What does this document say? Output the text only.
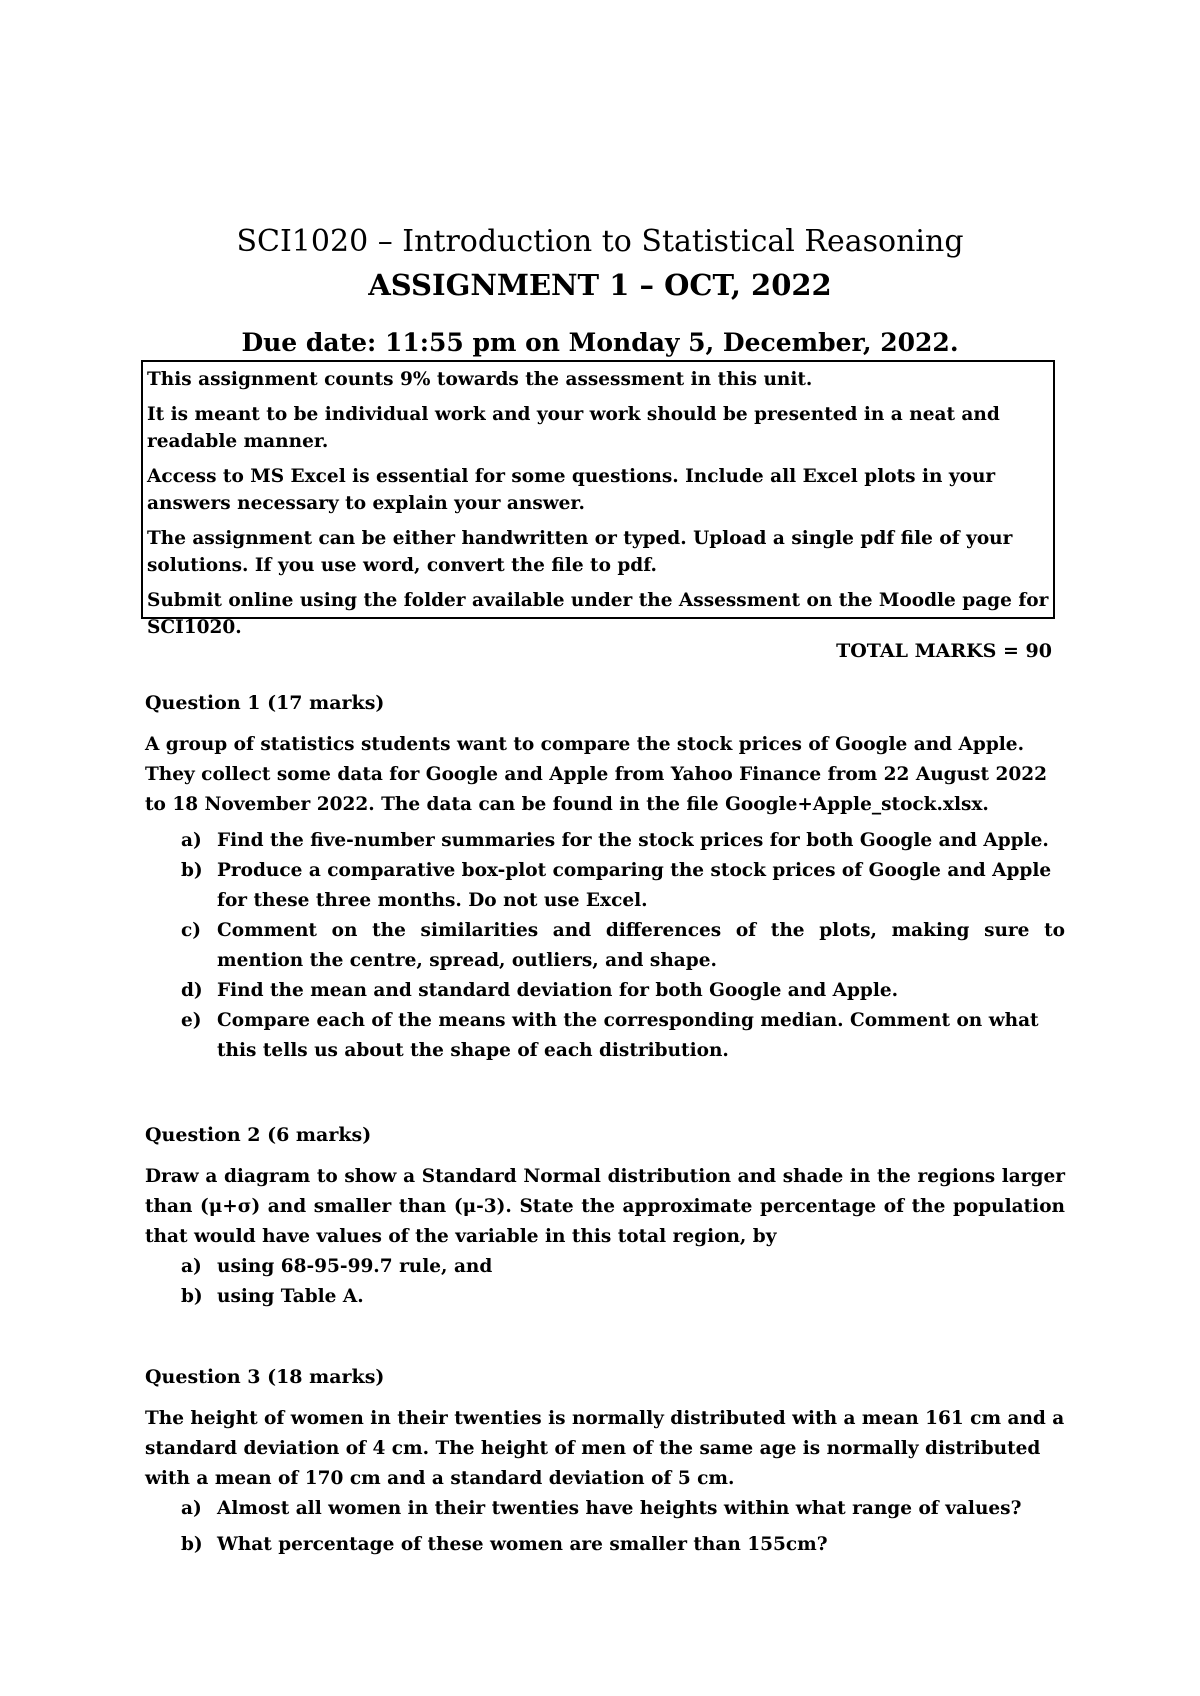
SCI1020 – Introduction to Statistical Reasoning
ASSIGNMENT 1 – OCT, 2022
Due date: 11:55 pm on Monday 5, December, 2022.

This assignment counts 9% towards the assessment in this unit.

It is meant to be individual work and your work should be presented in a neat and readable manner.

Access to MS Excel is essential for some questions. Include all Excel plots in your answers necessary to explain your answer.

The assignment can be either handwritten or typed. Upload a single pdf file of your solutions. If you use word, convert the file to pdf.

Submit online using the folder available under the Assessment on the Moodle page for SCI1020.

TOTAL MARKS = 90
Question 1 (17 marks)

A group of statistics students want to compare the stock prices of Google and Apple. They collect some data for Google and Apple from Yahoo Finance from 22 August 2022 to 18 November 2022. The data can be found in the file Google+Apple_stock.xlsx.

a) Find the five-number summaries for the stock prices for both Google and Apple.
b) Produce a comparative box-plot comparing the stock prices of Google and Apple for these three months. Do not use Excel.
c) Comment on the similarities and differences of the plots, making sure to mention the centre, spread, outliers, and shape.
d) Find the mean and standard deviation for both Google and Apple.
e) Compare each of the means with the corresponding median. Comment on what this tells us about the shape of each distribution.
Question 2 (6 marks)

Draw a diagram to show a Standard Normal distribution and shade in the regions larger than (μ+σ) and smaller than (μ-3). State the approximate percentage of the population that would have values of the variable in this total region, by

a) using 68-95-99.7 rule, and
b) using Table A.
Question 3 (18 marks)

The height of women in their twenties is normally distributed with a mean 161 cm and a standard deviation of 4 cm. The height of men of the same age is normally distributed with a mean of 170 cm and a standard deviation of 5 cm.

a) Almost all women in their twenties have heights within what range of values?
b) What percentage of these women are smaller than 155cm?
